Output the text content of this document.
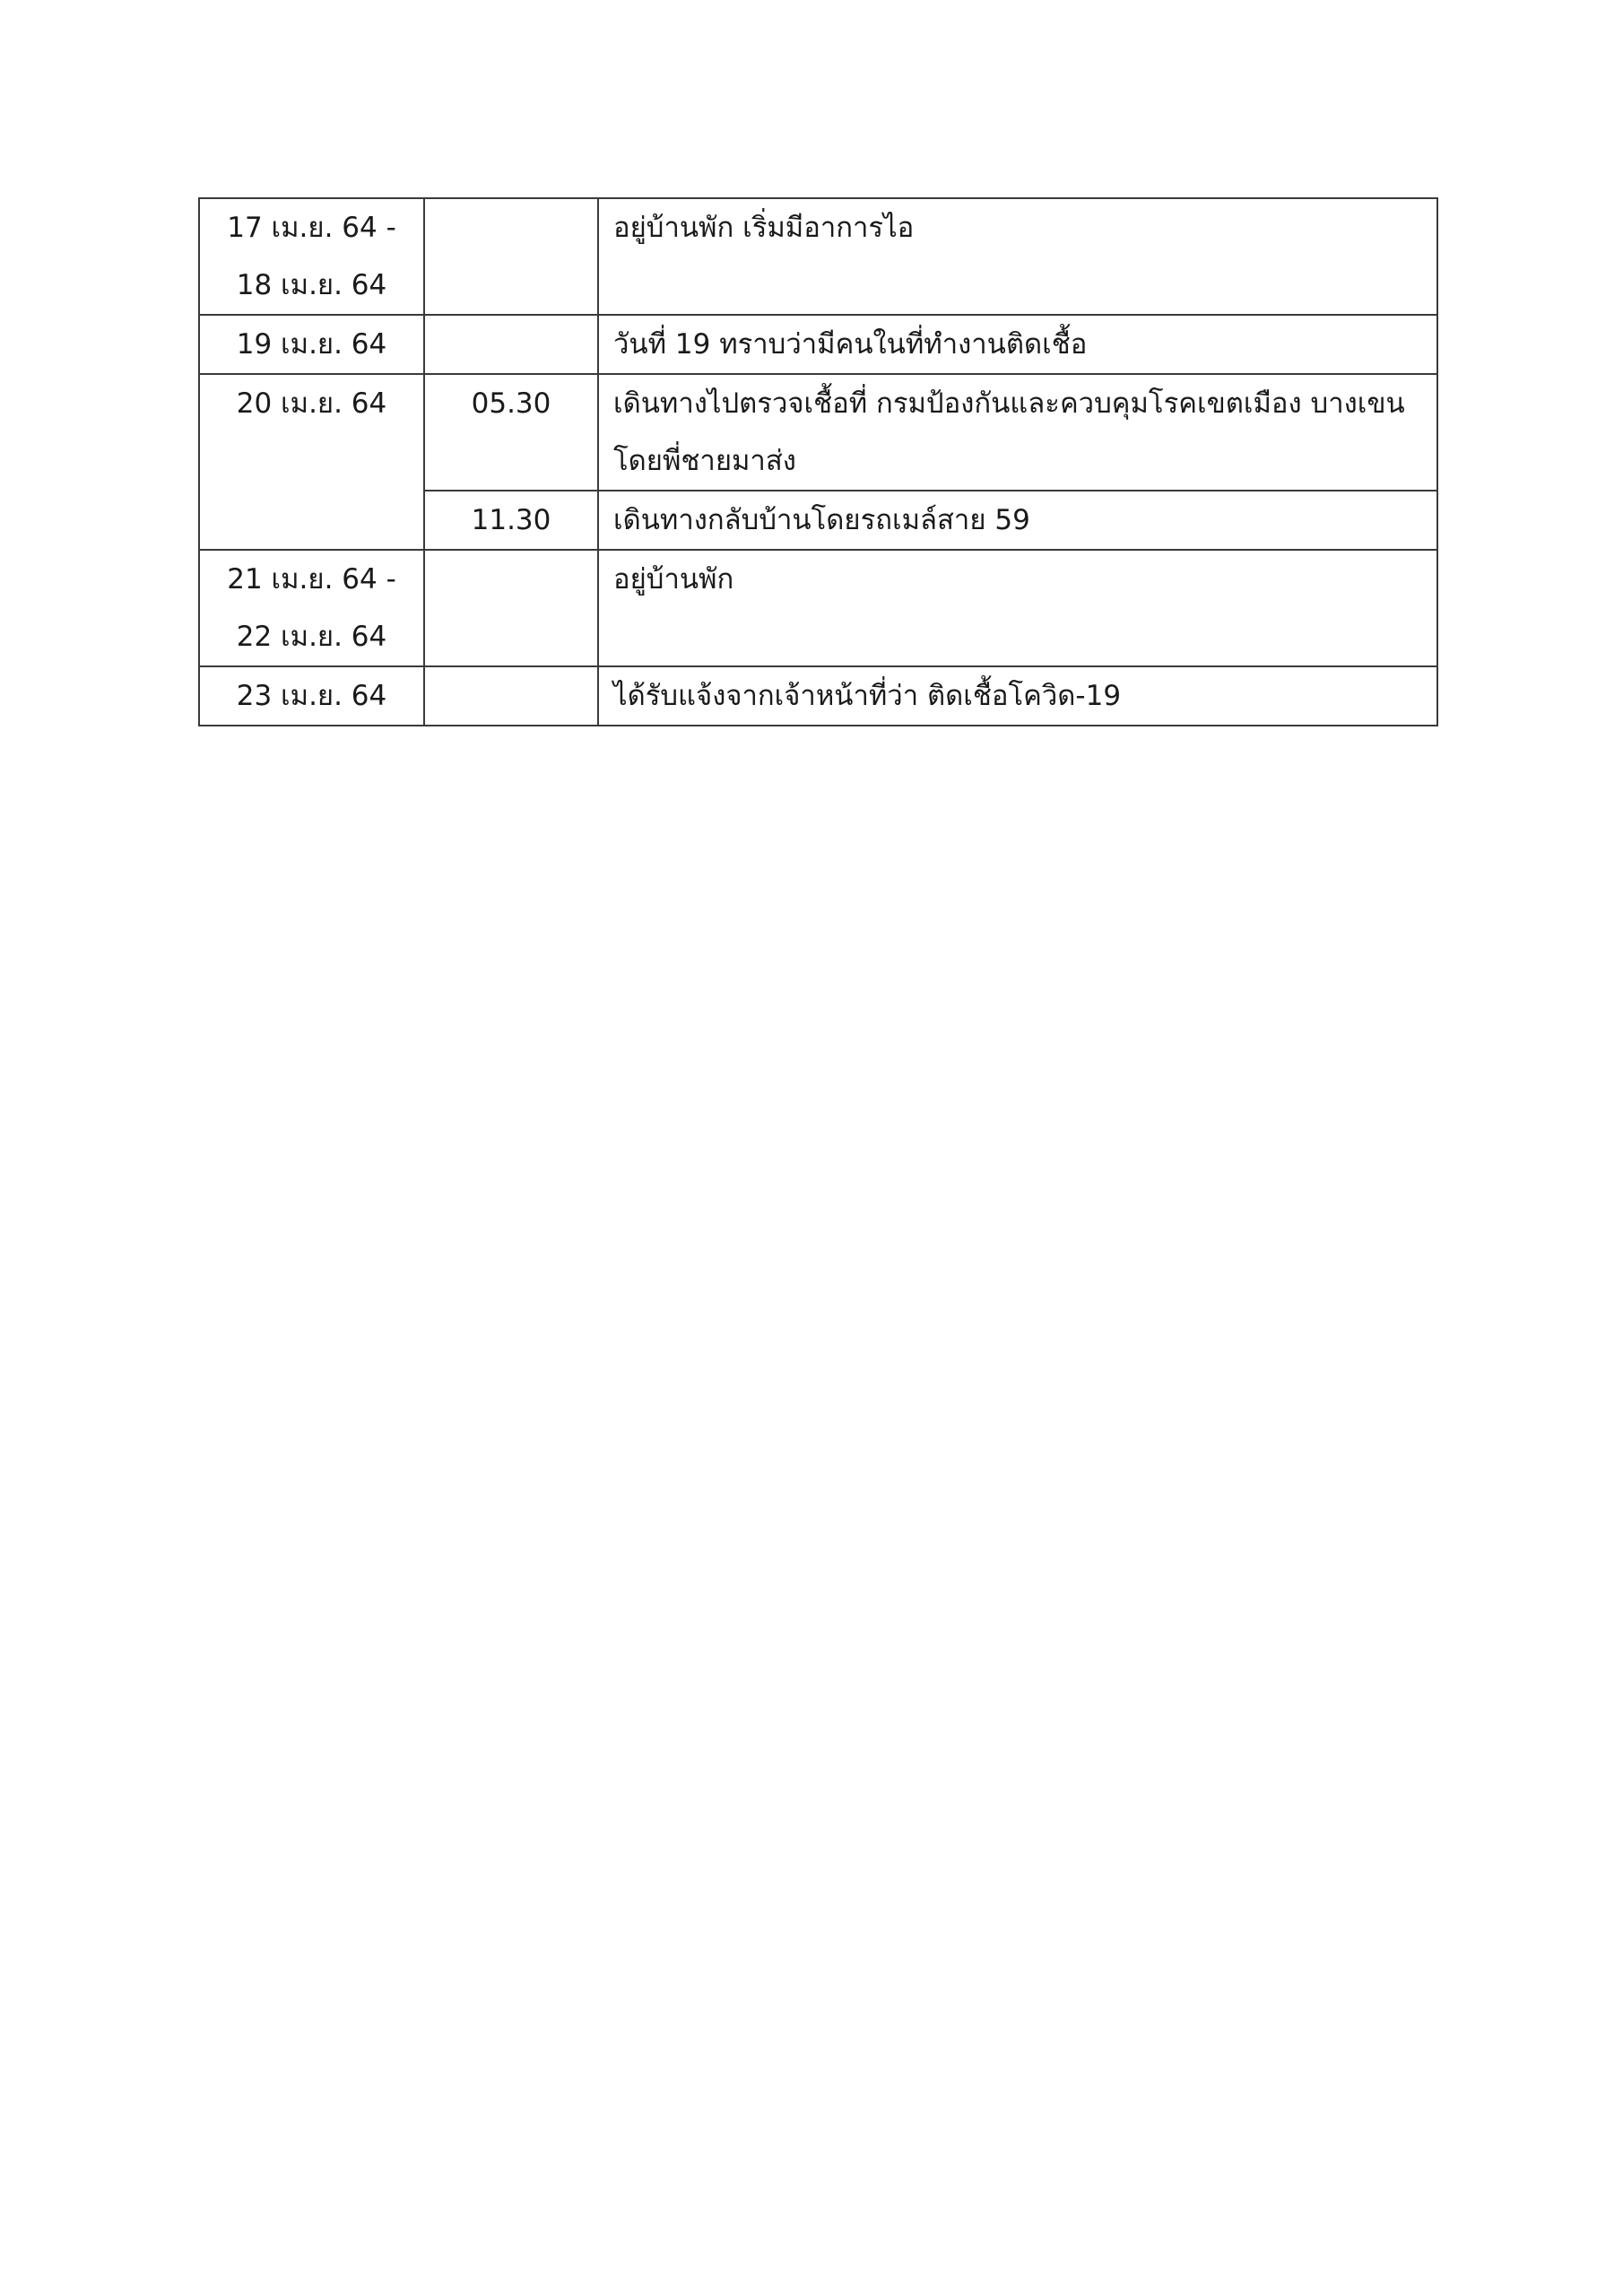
17 เม.ย. 64 -
18 เม.ย. 64		อยู่บ้านพัก เริ่มมีอาการไอ

19 เม.ย. 64		วันที่ 19 ทราบว่ามีคนในที่ทำงานติดเชื้อ

20 เม.ย. 64	05.30	เดินทางไปตรวจเชื้อที่ กรมป้องกันและควบคุมโรคเขตเมือง บางเขน
โดยพี่ชายมาส่ง

	11.30	เดินทางกลับบ้านโดยรถเมล์สาย 59

21 เม.ย. 64 -
22 เม.ย. 64		อยู่บ้านพัก

23 เม.ย. 64		ได้รับแจ้งจากเจ้าหน้าที่ว่า ติดเชื้อโควิด-19
